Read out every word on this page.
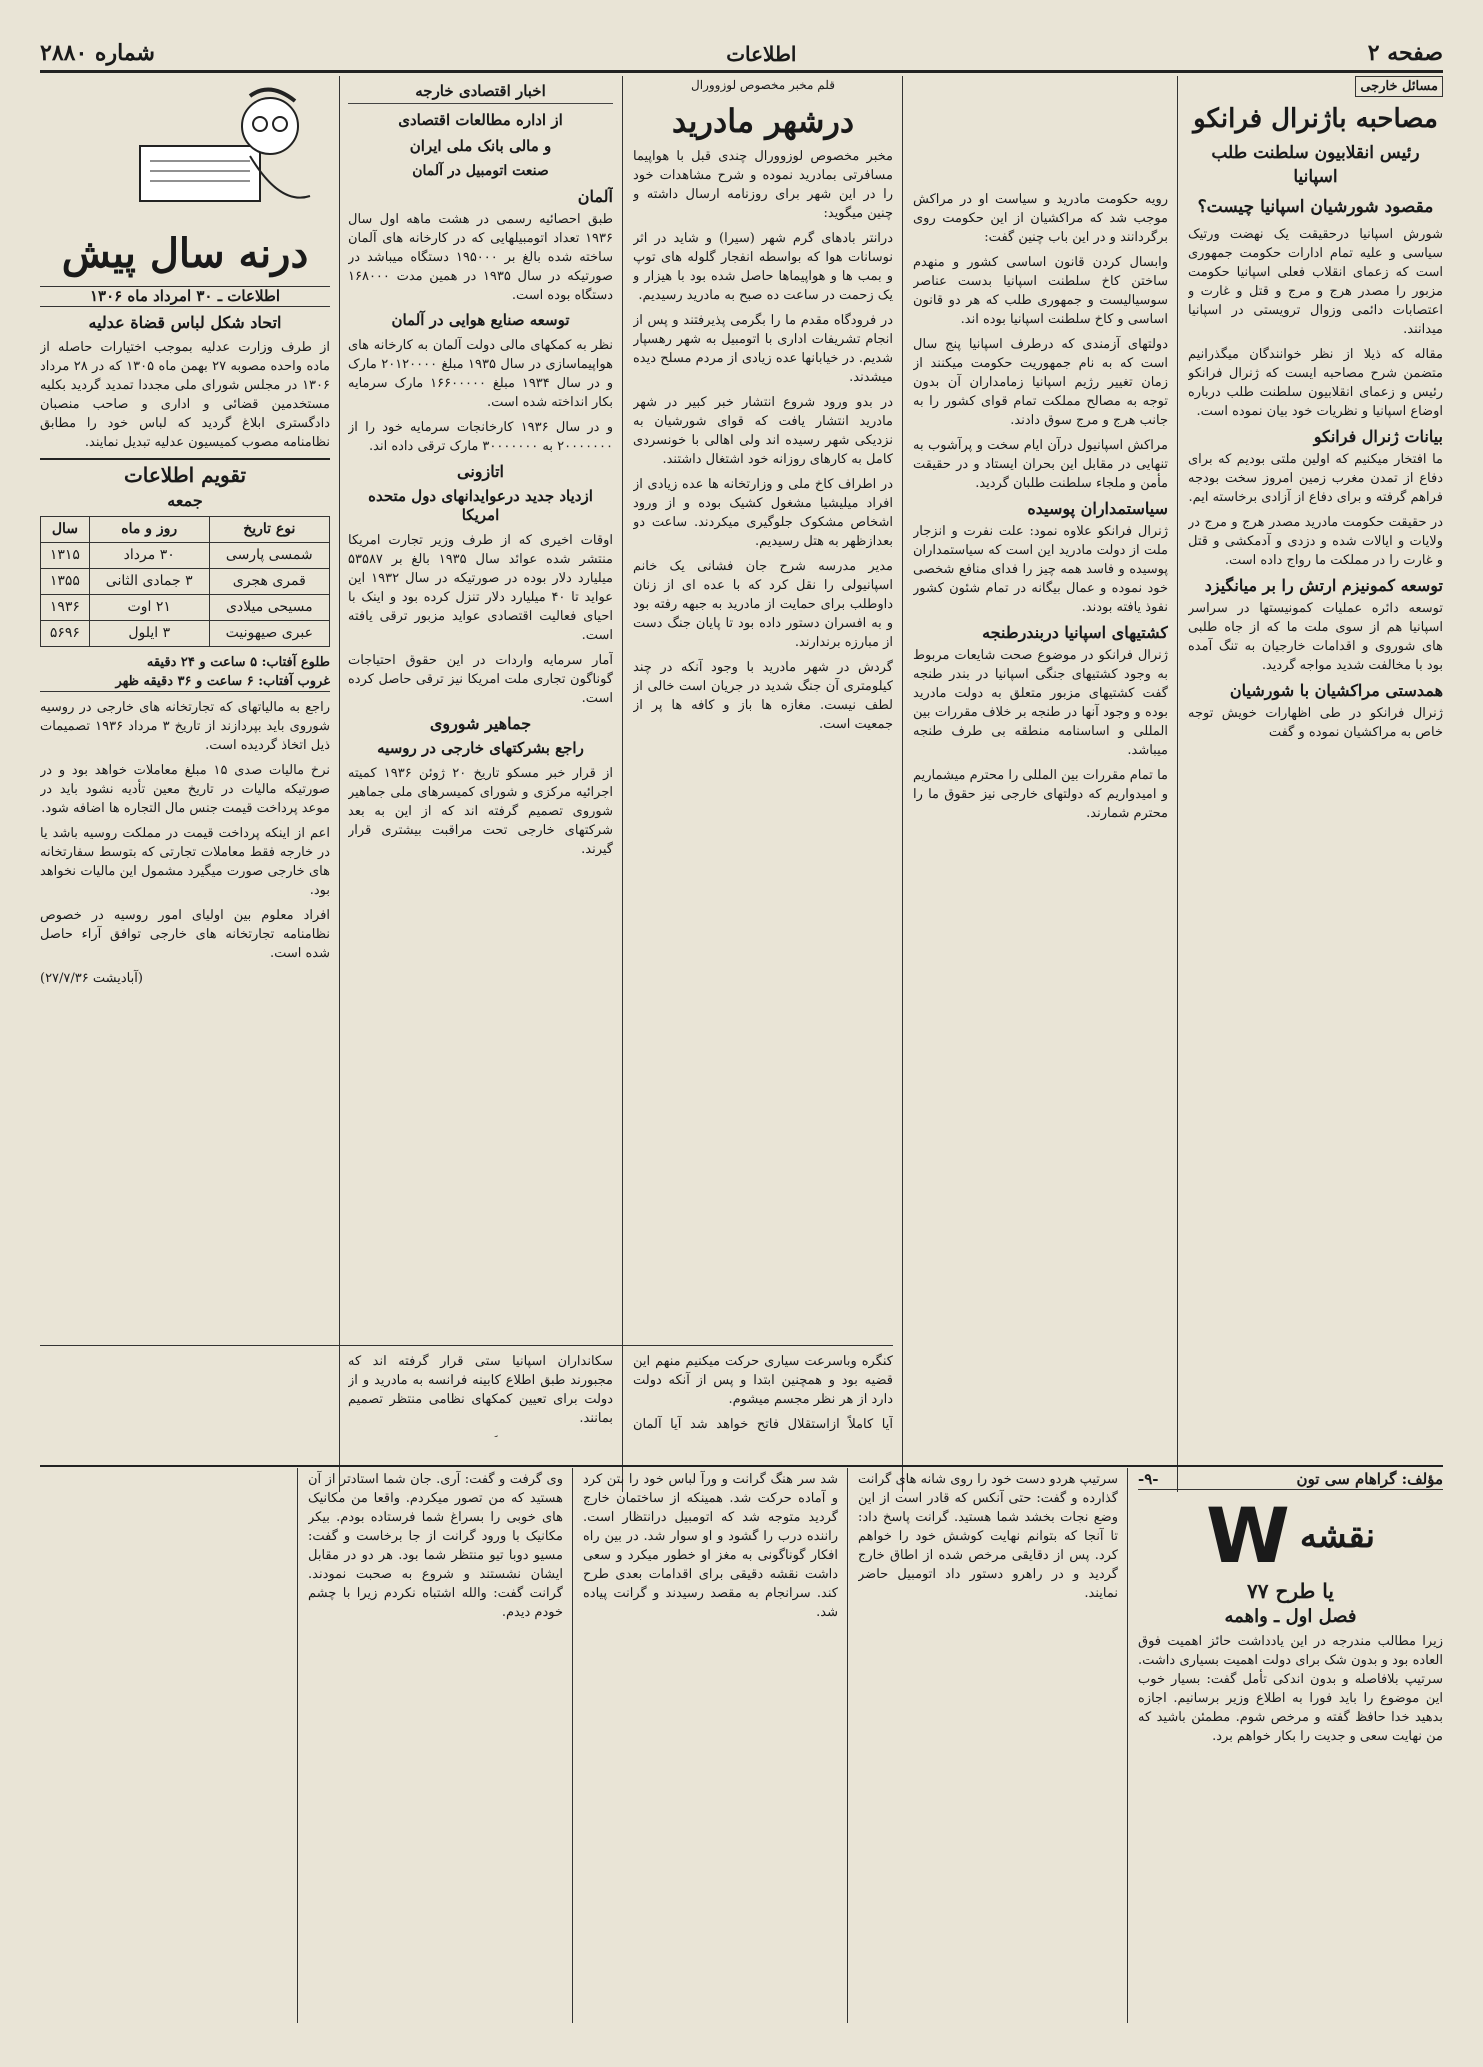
صفحه ۲
اطلاعات
شماره ۲۸۸۰
مسائل خارجی
مصاحبه باژنرال فرانکو
رئیس انقلابیون سلطنت طلب اسپانیا
مقصود شورشیان اسپانیا چیست؟

شورش اسپانیا درحقیقت یک نهضت ورتیک سیاسی و علیه تمام ادارات حکومت جمهوری است که زعمای انقلاب فعلی اسپانیا حکومت مزبور را مصدر هرج و مرج و قتل و غارت و اعتصابات دائمی وزوال ترویستی در اسپانیا میدانند.

مقاله که ذیلا از نظر خوانندگان میگذرانیم متضمن شرح مصاحبه ایست که ژنرال فرانکو رئیس و زعمای انقلابیون سلطنت طلب درباره اوضاع اسپانیا و نظریات خود بیان نموده است.

بیانات ژنرال فرانکو

ما افتخار میکنیم که اولین ملتی بودیم که برای دفاع از تمدن مغرب زمین امروز سخت بودجه فراهم گرفته و برای دفاع از آزادی برخاسته ایم.

در حقیقت حکومت مادرید مصدر هرج و مرج در ولایات و ایالات شده و دزدی و آدمکشی و قتل و غارت را در مملکت ما رواج داده است.

توسعه کمونیزم ارتش را بر میانگیزد

توسعه دائره عملیات کمونیستها در سراسر اسپانیا هم از سوی ملت ما که از جاه طلبی های شوروی و اقدامات خارجیان به تنگ آمده بود با مخالفت شدید مواجه گردید.

همدستی مراکشیان با شورشیان

ژنرال فرانکو در طی اظهارات خویش توجه خاص به مراکشیان نموده و گفت

رویه حکومت مادرید و سیاست او در مراکش موجب شد که مراکشیان از این حکومت روی برگردانند و در این باب چنین گفت:

وابسال کردن قانون اساسی کشور و منهدم ساختن کاخ سلطنت اسپانیا بدست عناصر سوسیالیست و جمهوری طلب که هر دو قانون اساسی و کاخ سلطنت اسپانیا بوده اند.

دولتهای آزمندی که درطرف اسپانیا پنج سال است که به نام جمهوریت حکومت میکنند از زمان تغییر رژیم اسپانیا زمامداران آن بدون توجه به مصالح مملکت تمام قوای کشور را به جانب هرج و مرج سوق دادند.

مراکش اسپانیول درآن ایام سخت و پرآشوب به تنهایی در مقابل این بحران ایستاد و در حقیقت مأمن و ملجاء سلطنت طلبان گردید.

سیاستمداران پوسیده

ژنرال فرانکو علاوه نمود: علت نفرت و انزجار ملت از دولت مادرید این است که سیاستمداران پوسیده و فاسد همه چیز را فدای منافع شخصی خود نموده و عمال بیگانه در تمام شئون کشور نفوذ یافته بودند.

کشتیهای اسپانیا دربندرطنجه

ژنرال فرانکو در موضوع صحت شایعات مربوط به وجود کشتیهای جنگی اسپانیا در بندر طنجه گفت کشتیهای مزبور متعلق به دولت مادرید بوده و وجود آنها در طنجه بر خلاف مقررات بین المللی و اساسنامه منطقه بی طرف طنجه میباشد.

ما تمام مقررات بین المللی را محترم میشماریم و امیدواریم که دولتهای خارجی نیز حقوق ما را محترم شمارند.

قلم مخبر مخصوص لوزوورال
درشهر مادرید

مخبر مخصوص لوزوورال چندی قبل با هواپیما مسافرتی بمادرید نموده و شرح مشاهدات خود را در این شهر برای روزنامه ارسال داشته و چنین میگوید:

درانتر بادهای گرم شهر (سیرا) و شاید در اثر نوسانات هوا که بواسطه انفجار گلوله های توپ و بمب ها و هواپیماها حاصل شده بود با هیزار و یک زحمت در ساعت ده صبح به مادرید رسیدیم.

در فرودگاه مقدم ما را بگرمی پذیرفتند و پس از انجام تشریفات اداری با اتومبیل به شهر رهسپار شدیم. در خیابانها عده زیادی از مردم مسلح دیده میشدند.

در بدو ورود شروع انتشار خبر کبیر در شهر مادرید انتشار یافت که قوای شورشیان به نزدیکی شهر رسیده اند ولی اهالی با خونسردی کامل به کارهای روزانه خود اشتغال داشتند.

در اطراف کاخ ملی و وزارتخانه ها عده زیادی از افراد میلیشیا مشغول کشیک بوده و از ورود اشخاص مشکوک جلوگیری میکردند. ساعت دو بعدازظهر به هتل رسیدیم.

مدیر مدرسه شرح جان فشانی یک خانم اسپانیولی را نقل کرد که با عده ای از زنان داوطلب برای حمایت از مادرید به جبهه رفته بود و به افسران دستور داده بود تا پایان جنگ دست از مبارزه برندارند.

گردش در شهر مادرید با وجود آنکه در چند کیلومتری آن جنگ شدید در جریان است خالی از لطف نیست. مغازه ها باز و کافه ها پر از جمعیت است.

اخبار اقتصادی خارجه
از اداره مطالعات اقتصادی
و مالی بانک ملی ایران
صنعت اتومبیل در آلمان
آلمان

طبق احصائیه رسمی در هشت ماهه اول سال ۱۹۳۶ تعداد اتومبیلهایی که در کارخانه های آلمان ساخته شده بالغ بر ۱۹۵۰۰۰ دستگاه میباشد در صورتیکه در سال ۱۹۳۵ در همین مدت ۱۶۸۰۰۰ دستگاه بوده است.

توسعه صنایع هوایی در آلمان

نظر به کمکهای مالی دولت آلمان به کارخانه های هواپیماسازی در سال ۱۹۳۵ مبلغ ۲۰۱۲۰۰۰۰ مارک و در سال ۱۹۳۴ مبلغ ۱۶۶۰۰۰۰۰ مارک سرمایه بکار انداخته شده است.

و در سال ۱۹۳۶ کارخانجات سرمایه خود را از ۲۰۰۰۰۰۰۰ به ۳۰۰۰۰۰۰۰ مارک ترقی داده اند.

اتازونی
ازدیاد جدید درعوایدانهای دول متحده امریکا

اوقات اخیری که از طرف وزیر تجارت امریکا منتشر شده عوائد سال ۱۹۳۵ بالغ بر ۵۳۵۸۷ میلیارد دلار بوده در صورتیکه در سال ۱۹۳۲ این عواید تا ۴۰ میلیارد دلار تنزل کرده بود و اینک با احیای فعالیت اقتصادی عواید مزبور ترقی یافته است.

آمار سرمایه واردات در این حقوق احتیاجات گوناگون تجاری ملت امریکا نیز ترقی حاصل کرده است.

جماهیر شوروی
راجع بشرکتهای خارجی در روسیه

از قرار خبر مسکو تاریخ ۲۰ ژوئن ۱۹۳۶ کمیته اجرائیه مرکزی و شورای کمیسرهای ملی جماهیر شوروی تصمیم گرفته اند که از این به بعد شرکتهای خارجی تحت مراقبت بیشتری قرار گیرند.

درنه سال پیش
اطلاعات ـ ۳۰ امرداد ماه ۱۳۰۶
اتحاد شکل لباس قضاة عدلیه

از طرف وزارت عدلیه بموجب اختیارات حاصله از ماده واحده مصوبه ۲۷ بهمن ماه ۱۳۰۵ که در ۲۸ مرداد ۱۳۰۶ در مجلس شورای ملی مجددا تمدید گردید بکلیه مستخدمین قضائی و اداری و صاحب منصبان دادگستری ابلاغ گردید که لباس خود را مطابق نظامنامه مصوب کمیسیون عدلیه تبدیل نمایند.

تقویم اطلاعات
جمعه
نوع تاریخ	روز و ماه	سال
شمسی پارسی	۳۰ مرداد	۱۳۱۵
قمری هجری	۳ جمادی الثانی	۱۳۵۵
مسیحی میلادی	۲۱ اوت	۱۹۳۶
عبری صیهونیت	۳ ایلول	۵۶۹۶
طلوع آفتاب: ۵ ساعت و ۲۴ دقیقه
غروب آفتاب: ۶ ساعت و ۳۶ دقیقه ظهر

راجع به مالیاتهای که تجارتخانه های خارجی در روسیه شوروی باید بپردازند از تاریخ ۳ مرداد ۱۹۳۶ تصمیمات ذیل اتخاذ گردیده است.

نرخ مالیات صدی ۱۵ مبلغ معاملات خواهد بود و در صورتیکه مالیات در تاریخ معین تأدیه نشود باید در موعد پرداخت قیمت جنس مال التجاره ها اضافه شود.

اعم از اینکه پرداخت قیمت در مملکت روسیه باشد یا در خارجه فقط معاملات تجارتی که بتوسط سفارتخانه های خارجی صورت میگیرد مشمول این مالیات نخواهد بود.

افراد معلوم بین اولیای امور روسیه در خصوص نظامنامه تجارتخانه های خارجی توافق آراء حاصل شده است.

(آبادیشت ۲۷/۷/۳۶)

کنگره وباسرعت سیاری حرکت میکنیم منهم این قضیه بود و همچنین ابتدا و پس از آنکه دولت دارد از هر نظر مجسم میشوم.

آیا کاملاً ازاستقلال فاتح خواهد شد آیا آلمان

سکانداران اسپانیا ستی قرار گرفته اند که مجبورند طبق اطلاع کابینه فرانسه به مادرید و از دولت برای تعیین کمکهای نظامی منتظر تصمیم بمانند.

مؤلف: گراهام سی تون
-۹-
نقشه
W
یا طرح ۷۷
فصل اول ـ واهمه

زیرا مطالب مندرجه در این یادداشت حائز اهمیت فوق العاده بود و بدون شک برای دولت اهمیت بسیاری داشت. سرتیپ بلافاصله و بدون اندکی تأمل گفت: بسیار خوب این موضوع را باید فورا به اطلاع وزیر برسانیم. اجازه بدهید خدا حافظ گفته و مرخص شوم. مطمئن باشید که من نهایت سعی و جدیت را بکار خواهم برد.

سرتیپ هردو دست خود را روی شانه های گرانت گذارده و گفت: حتی آنکس که قادر است از این وضع نجات بخشد شما هستید. گرانت پاسخ داد: تا آنجا که بتوانم نهایت کوشش خود را خواهم کرد. پس از دقایقی مرخص شده از اطاق خارج گردید و در راهرو دستور داد اتومبیل حاضر نمایند.

شد سر هنگ گرانت و ورآ لباس خود را بتن کرد و آماده حرکت شد. همینکه از ساختمان خارج گردید متوجه شد که اتومبیل درانتظار است. راننده درب را گشود و او سوار شد. در بین راه افکار گوناگونی به مغز او خطور میکرد و سعی داشت نقشه دقیقی برای اقدامات بعدی طرح کند. سرانجام به مقصد رسیدند و گرانت پیاده شد.

وی گرفت و گفت: آری. جان شما استادتر از آن هستید که من تصور میکردم. واقعا من مکانیک های خوبی را بسراغ شما فرستاده بودم. بیکر مکانیک با ورود گرانت از جا برخاست و گفت: مسیو دوبا تیو منتظر شما بود. هر دو در مقابل ایشان نشستند و شروع به صحبت نمودند. گرانت گفت: والله اشتباه نکردم زیرا با چشم خودم دیدم.
